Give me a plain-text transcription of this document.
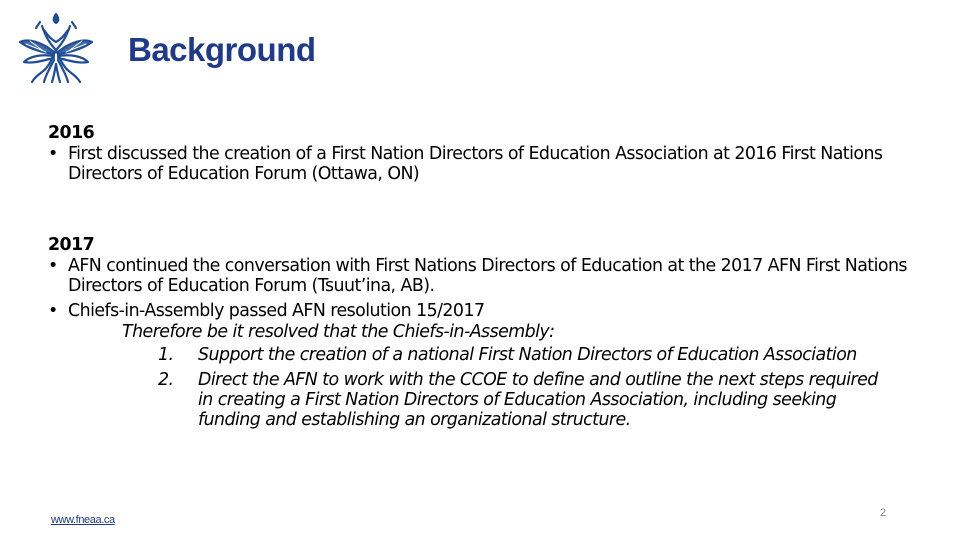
Background

2016

• First discussed the creation of a First Nation Directors of Education Association at 2016 First Nations Directors of Education Forum (Ottawa, ON)

2017

• AFN continued the conversation with First Nations Directors of Education at the 2017 AFN First Nations Directors of Education Forum (Tsuut’ina, AB).
• Chiefs-in-Assembly passed AFN resolution 15/2017

Therefore be it resolved that the Chiefs-in-Assembly:

1. Support the creation of a national First Nation Directors of Education Association
2. Direct the AFN to work with the CCOE to define and outline the next steps required in creating a First Nation Directors of Education Association, including seeking funding and establishing an organizational structure.
www.fneaa.ca
2
